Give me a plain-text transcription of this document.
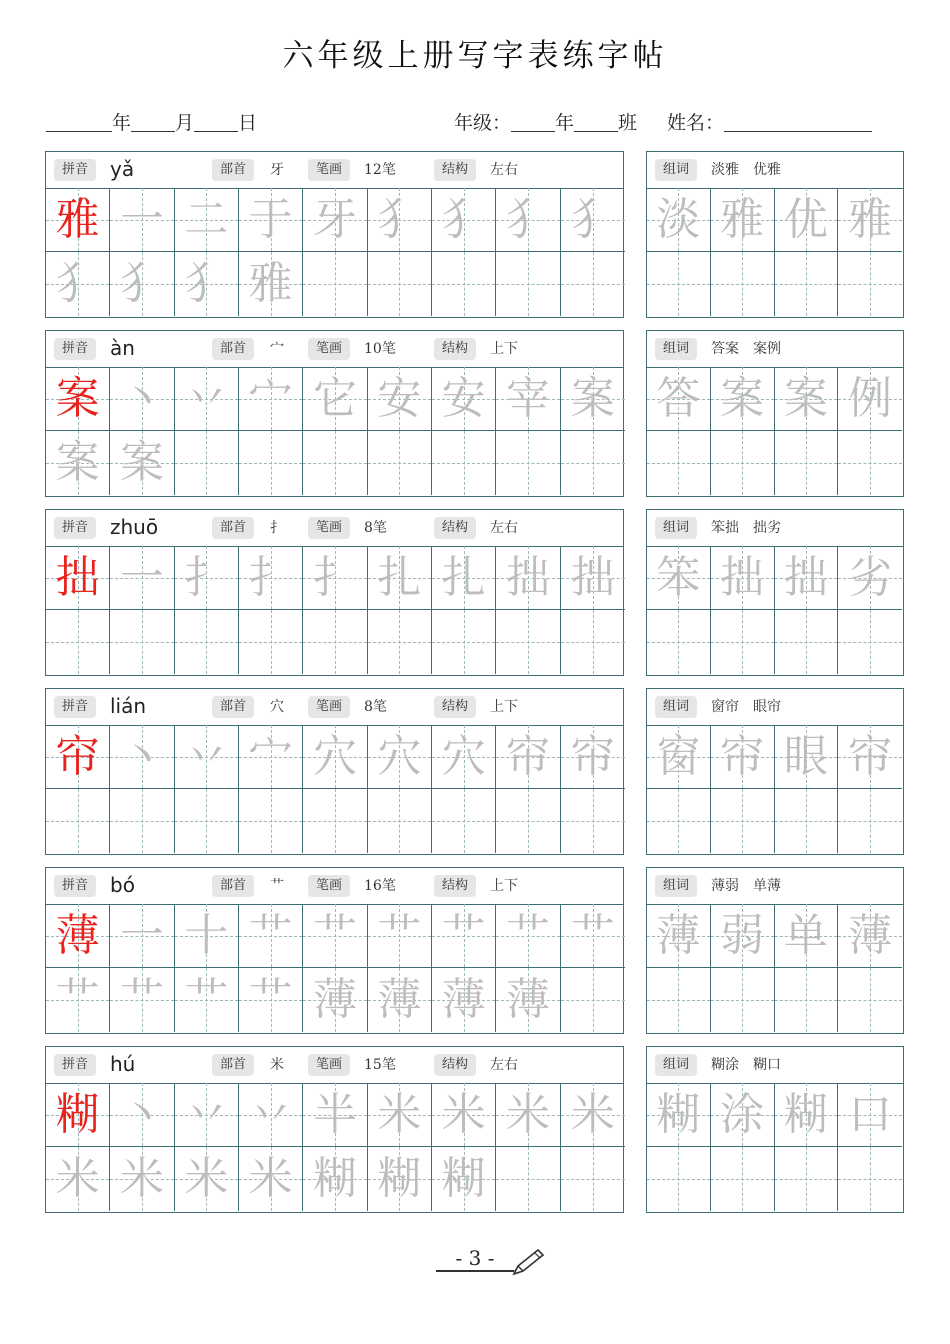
六年级上册写字表练字帖
年 月 日	年级： 年 班 姓名：
拼音	yǎ	部首	牙	笔画	12笔	结构	左右
雅 一 二 于 牙 犭 犭 犭 犭
犭 犭 犭 雅
组词	淡雅　优雅
淡 雅 优 雅
拼音	àn	部首	宀	笔画	10笔	结构	上下
案 丶 丷 宀 它 安 安 宰 案
案 案
组词	答案　案例
答 案 案 例
拼音	zhuō	部首	扌	笔画	8笔	结构	左右
拙 一 扌 扌 扌 扎 扎 拙 拙
组词	笨拙　拙劣
笨 拙 拙 劣
拼音	lián	部首	穴	笔画	8笔	结构	上下
帘 丶 丷 宀 穴 穴 穴 帘 帘
组词	窗帘　眼帘
窗 帘 眼 帘
拼音	bó	部首	艹	笔画	16笔	结构	上下
薄 一 十 艹 艹 艹 艹 艹 艹
艹 艹 艹 艹 薄 薄 薄 薄
组词	薄弱　单薄
薄 弱 单 薄
拼音	hú	部首	米	笔画	15笔	结构	左右
糊 丶 丷 丷 半 米 米 米 米
米 米 米 米 糊 糊 糊
组词	糊涂　糊口
糊 涂 糊 口
- 3 -
